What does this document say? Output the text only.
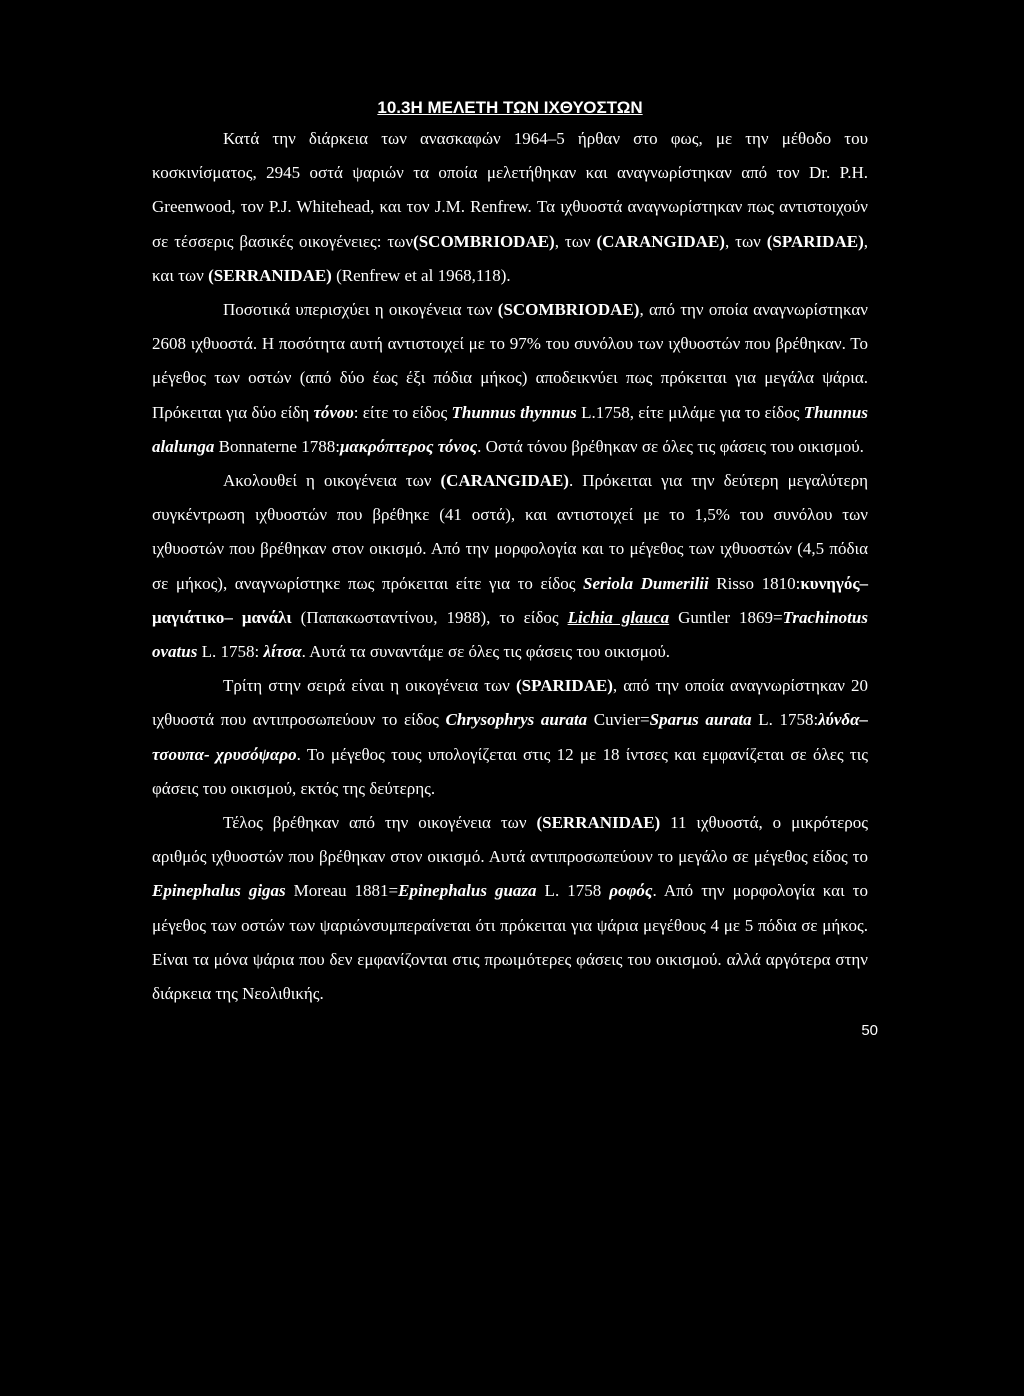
10.3Η ΜΕΛΕΤΗ ΤΩΝ ΙΧΘΥΟΣΤΩΝ

Κατά την διάρκεια των ανασκαφών 1964–5 ήρθαν στο φως, με την μέθοδο του κοσκινίσματος, 2945 οστά ψαριών τα οποία μελετήθηκαν και αναγνωρίστηκαν από τον Dr. P.H. Greenwood, τον P.J. Whitehead, και τον J.M. Renfrew. Τα ιχθυοστά αναγνωρίστηκαν πως αντιστοιχούν σε τέσσερις βασικές οικογένειες: των(SCOMBRIODAE), των (CARANGIDAE), των (SPARIDAE), και των (SERRANIDAE) (Renfrew et al 1968,118).

Ποσοτικά υπερισχύει η οικογένεια των (SCOMBRIODAE), από την οποία αναγνωρίστηκαν 2608 ιχθυοστά. Η ποσότητα αυτή αντιστοιχεί με το 97% του συνόλου των ιχθυοστών που βρέθηκαν. Το μέγεθος των οστών (από δύο έως έξι πόδια μήκος) αποδεικνύει πως πρόκειται για μεγάλα ψάρια. Πρόκειται για δύο είδη τόνου: είτε το είδος Thunnus thynnus L.1758, είτε μιλάμε για το είδος Thunnus alalunga Bonnaterne 1788:μακρόπτερος τόνος. Οστά τόνου βρέθηκαν σε όλες τις φάσεις του οικισμού.

Ακολουθεί η οικογένεια των (CARANGIDAE). Πρόκειται για την δεύτερη μεγαλύτερη συγκέντρωση ιχθυοστών που βρέθηκε (41 οστά), και αντιστοιχεί με το 1,5% του συνόλου των ιχθυοστών που βρέθηκαν στον οικισμό. Από την μορφολογία και το μέγεθος των ιχθυοστών (4,5 πόδια σε μήκος), αναγνωρίστηκε πως πρόκειται είτε για το είδος Seriola Dumerilii Risso 1810:κυνηγός–μαγιάτικο– μανάλι (Παπακωσταντίνου, 1988), το είδος Lichia glauca Guntler 1869=Trachinotus ovatus L. 1758: λίτσα. Αυτά τα συναντάμε σε όλες τις φάσεις του οικισμού.

Τρίτη στην σειρά είναι η οικογένεια των (SPARIDAE), από την οποία αναγνωρίστηκαν 20 ιχθυοστά που αντιπροσωπεύουν το είδος Chrysophrys aurata Cuvier=Sparus aurata L. 1758:λύνδα–τσουπα- χρυσόψαρο. Το μέγεθος τους υπολογίζεται στις 12 με 18 ίντσες και εμφανίζεται σε όλες τις φάσεις του οικισμού, εκτός της δεύτερης.

Τέλος βρέθηκαν από την οικογένεια των (SERRANIDAE) 11 ιχθυοστά, ο μικρότερος αριθμός ιχθυοστών που βρέθηκαν στον οικισμό. Αυτά αντιπροσωπεύουν το μεγάλο σε μέγεθος είδος το Epinephalus gigas Moreau 1881=Epinephalus guaza L. 1758 ροφός. Από την μορφολογία και το μέγεθος των οστών των ψαριώνσυμπεραίνεται ότι πρόκειται για ψάρια μεγέθους 4 με 5 πόδια σε μήκος. Είναι τα μόνα ψάρια που δεν εμφανίζονται στις πρωιμότερες φάσεις του οικισμού. αλλά αργότερα στην διάρκεια της Νεολιθικής.

50
